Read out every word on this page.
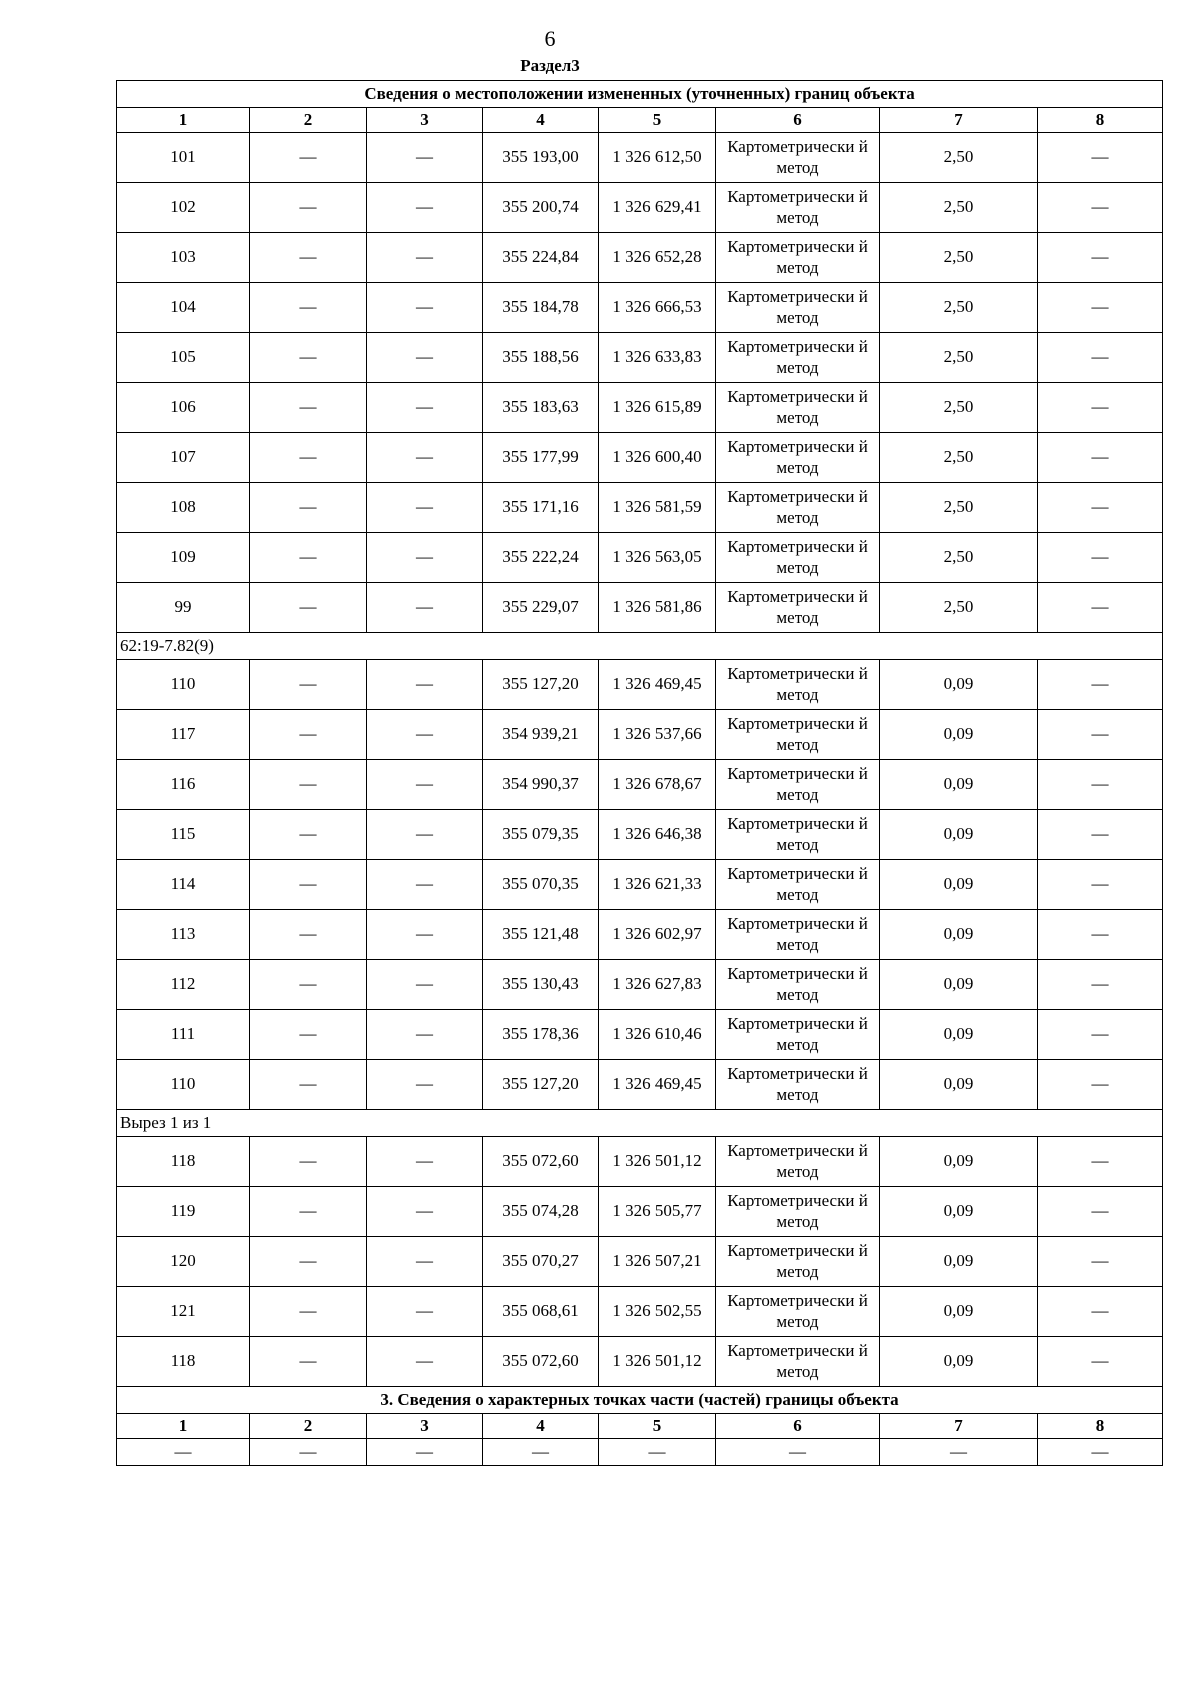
6
Раздел3
Сведения о местоположении измененных (уточненных) границ объекта							
1	2	3	4	5	6	7	8
101	—	—	355 193,00	1 326 612,50	Картометрически й метод	2,50	—
102	—	—	355 200,74	1 326 629,41	Картометрически й метод	2,50	—
103	—	—	355 224,84	1 326 652,28	Картометрически й метод	2,50	—
104	—	—	355 184,78	1 326 666,53	Картометрически й метод	2,50	—
105	—	—	355 188,56	1 326 633,83	Картометрически й метод	2,50	—
106	—	—	355 183,63	1 326 615,89	Картометрически й метод	2,50	—
107	—	—	355 177,99	1 326 600,40	Картометрически й метод	2,50	—
108	—	—	355 171,16	1 326 581,59	Картометрически й метод	2,50	—
109	—	—	355 222,24	1 326 563,05	Картометрически й метод	2,50	—
99	—	—	355 229,07	1 326 581,86	Картометрически й метод	2,50	—
62:19-7.82(9)							
110	—	—	355 127,20	1 326 469,45	Картометрически й метод	0,09	—
117	—	—	354 939,21	1 326 537,66	Картометрически й метод	0,09	—
116	—	—	354 990,37	1 326 678,67	Картометрически й метод	0,09	—
115	—	—	355 079,35	1 326 646,38	Картометрически й метод	0,09	—
114	—	—	355 070,35	1 326 621,33	Картометрически й метод	0,09	—
113	—	—	355 121,48	1 326 602,97	Картометрически й метод	0,09	—
112	—	—	355 130,43	1 326 627,83	Картометрически й метод	0,09	—
111	—	—	355 178,36	1 326 610,46	Картометрически й метод	0,09	—
110	—	—	355 127,20	1 326 469,45	Картометрически й метод	0,09	—
Вырез 1 из 1							
118	—	—	355 072,60	1 326 501,12	Картометрически й метод	0,09	—
119	—	—	355 074,28	1 326 505,77	Картометрически й метод	0,09	—
120	—	—	355 070,27	1 326 507,21	Картометрически й метод	0,09	—
121	—	—	355 068,61	1 326 502,55	Картометрически й метод	0,09	—
118	—	—	355 072,60	1 326 501,12	Картометрически й метод	0,09	—
3. Сведения о характерных точках части (частей) границы объекта							
1	2	3	4	5	6	7	8
—	—	—	—	—	—	—	—
